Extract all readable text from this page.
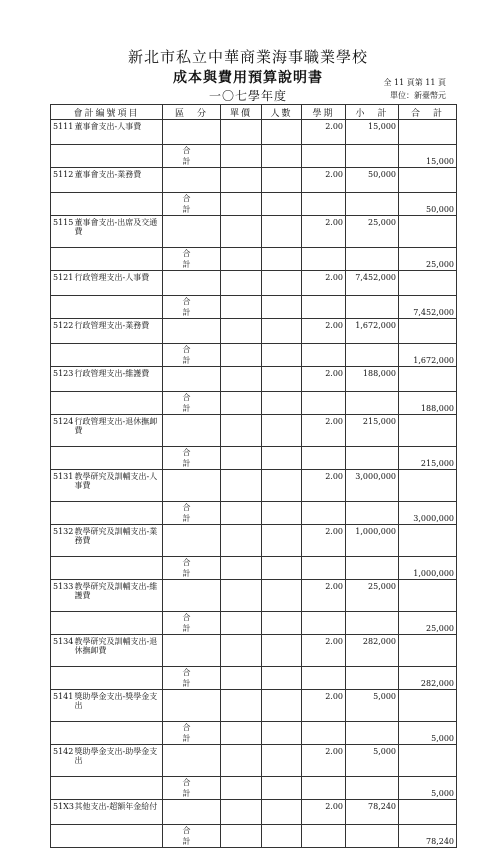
新北市私立中華商業海事職業學校
成本與費用預算說明書
一〇七學年度
全 11 頁第 11 頁
單位：新臺幣元
會計編號項目		區　分	單價	人數	學期	小　計	合　計
5111	董事會支出-人事費				2.00	15,000	
		合　計					15,000
5112	董事會支出-業務費				2.00	50,000	
		合　計					50,000
5115	董事會支出-出席及交通費				2.00	25,000	
		合　計					25,000
5121	行政管理支出-人事費				2.00	7,452,000	
		合　計					7,452,000
5122	行政管理支出-業務費				2.00	1,672,000	
		合　計					1,672,000
5123	行政管理支出-維護費				2.00	188,000	
		合　計					188,000
5124	行政管理支出-退休撫卹費				2.00	215,000	
		合　計					215,000
5131	教學研究及訓輔支出-人事費				2.00	3,000,000	
		合　計					3,000,000
5132	教學研究及訓輔支出-業務費				2.00	1,000,000	
		合　計					1,000,000
5133	教學研究及訓輔支出-維護費				2.00	25,000	
		合　計					25,000
5134	教學研究及訓輔支出-退休撫卹費				2.00	282,000	
		合　計					282,000
5141	獎助學金支出-獎學金支出				2.00	5,000	
		合　計					5,000
5142	獎助學金支出-助學金支出				2.00	5,000	
		合　計					5,000
51X3	其他支出-超額年金給付				2.00	78,240	
		合　計					78,240
